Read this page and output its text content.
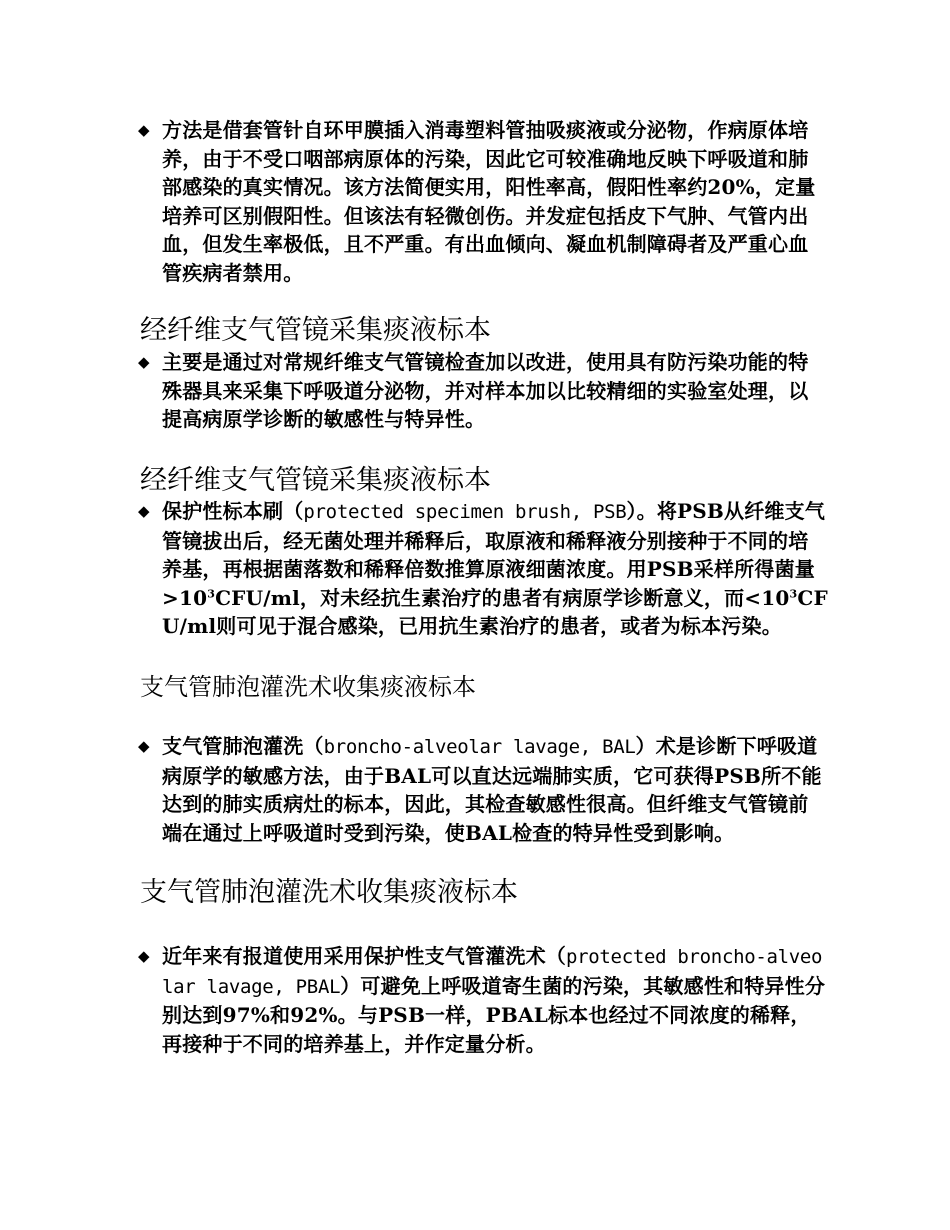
◆ 方法是借套管针自环甲膜插入消毒塑料管抽吸痰液或分泌物，作病原体培养，由于不受口咽部病原体的污染，因此它可较准确地反映下呼吸道和肺部感染的真实情况。该方法简便实用，阳性率高，假阳性率约20%，定量培养可区别假阳性。但该法有轻微创伤。并发症包括皮下气肿、气管内出血，但发生率极低，且不严重。有出血倾向、凝血机制障碍者及严重心血管疾病者禁用。
经纤维支气管镜采集痰液标本
◆ 主要是通过对常规纤维支气管镜检查加以改进，使用具有防污染功能的特殊器具来采集下呼吸道分泌物，并对样本加以比较精细的实验室处理，以提高病原学诊断的敏感性与特异性。
经纤维支气管镜采集痰液标本
◆ 保护性标本刷（protected specimen brush, PSB）。将PSB从纤维支气管镜拔出后，经无菌处理并稀释后，取原液和稀释液分别接种于不同的培养基，再根据菌落数和稀释倍数推算原液细菌浓度。用PSB采样所得菌量$>10^3CFU/ml$，对未经抗生素治疗的患者有病原学诊断意义，而$<10^3CFU/ml$则可见于混合感染，已用抗生素治疗的患者，或者为标本污染。
支气管肺泡灌洗术收集痰液标本
◆ 支气管肺泡灌洗（broncho-alveolar lavage, BAL）术是诊断下呼吸道病原学的敏感方法，由于BAL可以直达远端肺实质，它可获得PSB所不能达到的肺实质病灶的标本，因此，其检查敏感性很高。但纤维支气管镜前端在通过上呼吸道时受到污染，使BAL检查的特异性受到影响。
支气管肺泡灌洗术收集痰液标本
◆ 近年来有报道使用采用保护性支气管灌洗术（protected broncho-alveolar lavage, PBAL）可避免上呼吸道寄生菌的污染，其敏感性和特异性分别达到97%和92%。与PSB一样，PBAL标本也经过不同浓度的稀释，再接种于不同的培养基上，并作定量分析。
